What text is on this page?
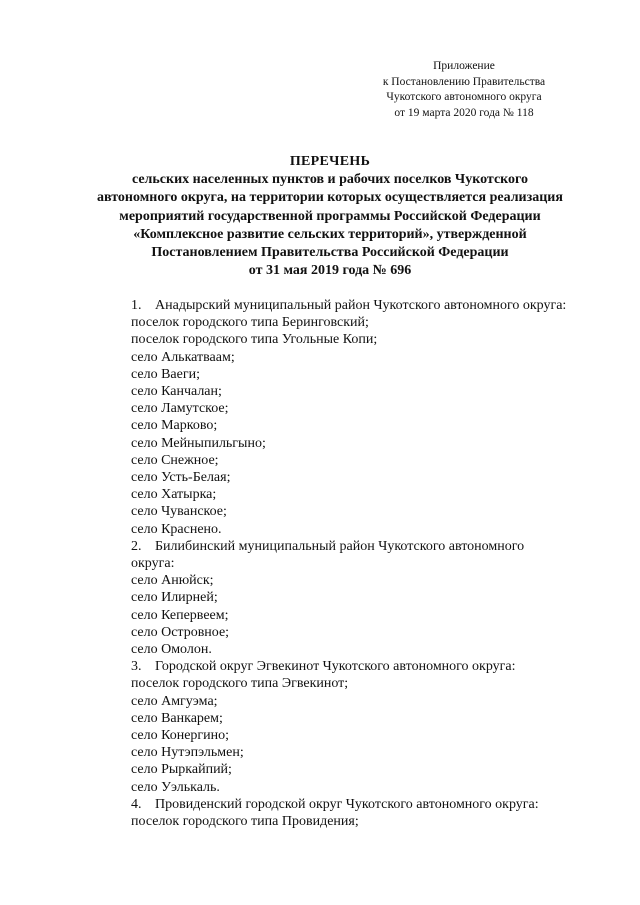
Приложение
к Постановлению Правительства
Чукотского автономного округа
от 19 марта 2020 года № 118
ПЕРЕЧЕНЬ
сельских населенных пунктов и рабочих поселков Чукотского
автономного округа, на территории которых осуществляется реализация
мероприятий государственной программы Российской Федерации
«Комплексное развитие сельских территорий», утвержденной
Постановлением Правительства Российской Федерации
от 31 мая 2019 года № 696
1. Анадырский муниципальный район Чукотского автономного округа:
поселок городского типа Беринговский;
поселок городского типа Угольные Копи;
село Алькатваам;
село Ваеги;
село Канчалан;
село Ламутское;
село Марково;
село Мейныпильгыно;
село Снежное;
село Усть-Белая;
село Хатырка;
село Чуванское;
село Краснено.
2. Билибинский муниципальный район Чукотского автономного
округа:
село Анюйск;
село Илирней;
село Кепервеем;
село Островное;
село Омолон.
3. Городской округ Эгвекинот Чукотского автономного округа:
поселок городского типа Эгвекинот;
село Амгуэма;
село Ванкарем;
село Конергино;
село Нутэпэльмен;
село Рыркайпий;
село Уэлькаль.
4. Провиденский городской округ Чукотского автономного округа:
поселок городского типа Провидения;
